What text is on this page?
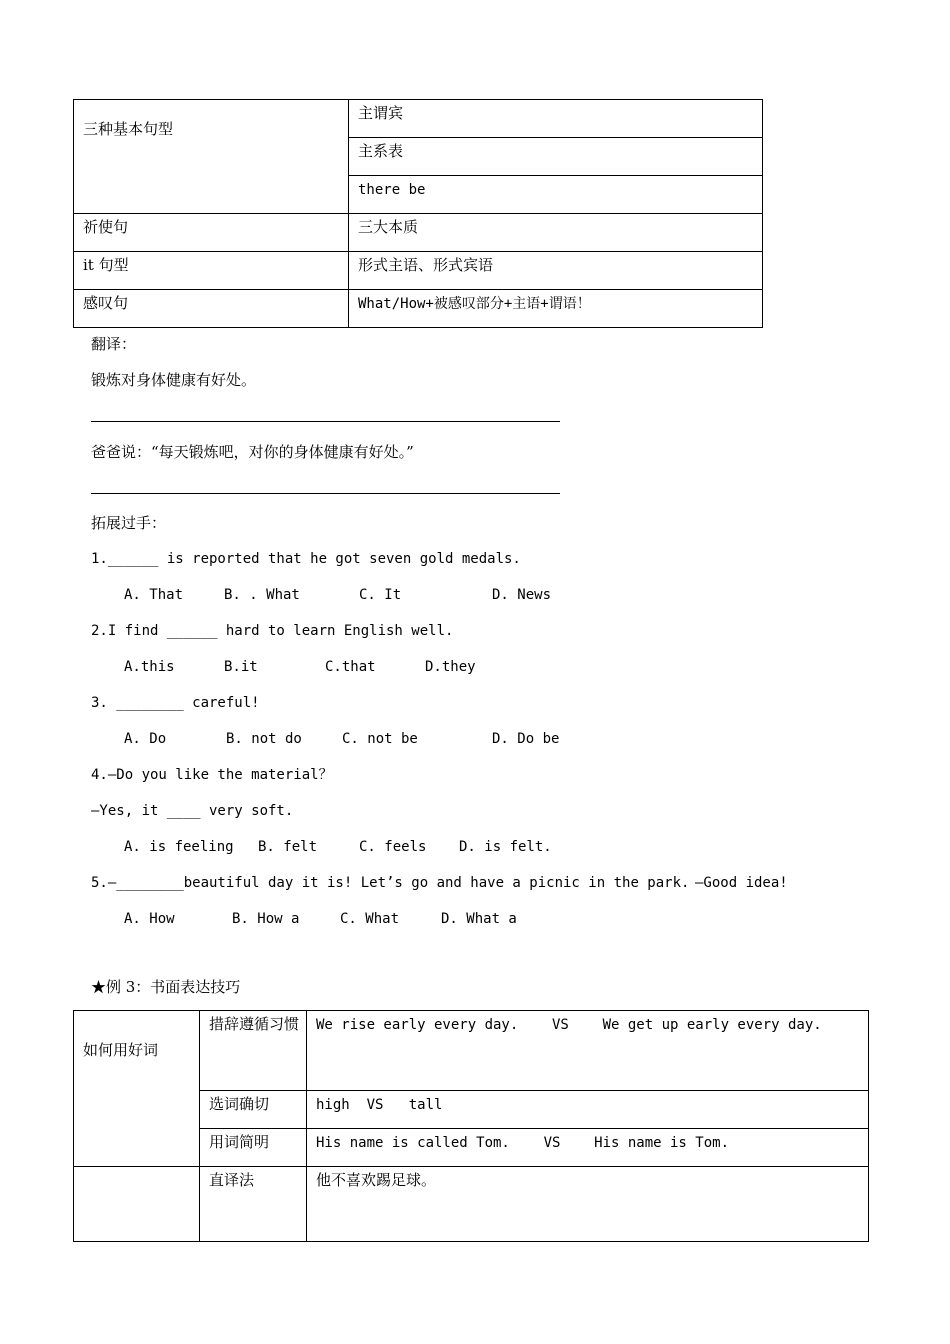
三种基本句型	主谓宾
	主系表
	there be
祈使句	三大本质
it 句型	形式主语、形式宾语
感叹句	What/How+被感叹部分+主语+谓语！
翻译：
锻炼对身体健康有好处。
爸爸说：“每天锻炼吧，对你的身体健康有好处。”
拓展过手：
1.______ is reported that he got seven gold medals.
A. That	B. . What	C. It	D. News
2.I find ______ hard to learn English well.
A.this	B.it	C.that	D.they
3. ________ careful!
A. Do	B. not do	C. not be	D. Do be
4.—Do you like the material？
—Yes, it ____ very soft.
A. is feeling B. felt	C. feels D. is felt.
5.—________beautiful day it is! Let’s go and have a picnic in the park. —Good idea!
A. How	B. How a	C. What	D. What a
★例 3：书面表达技巧
如何用好词	措辞遵循习惯	We rise early every day.    VS    We get up early every day.
	选词确切	high  VS   tall
	用词简明	His name is called Tom.    VS    His name is Tom.
	直译法	他不喜欢踢足球。
